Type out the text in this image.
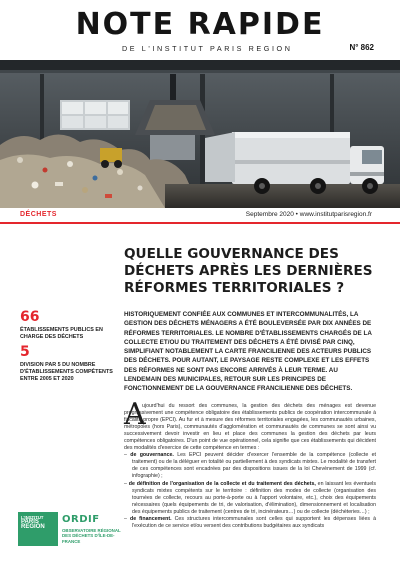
NOTE RAPIDE
DE L'INSTITUT PARIS REGION	N° 862
DÉCHETS	Septembre 2020 • www.institutparisregion.fr
QUELLE GOUVERNANCE DES DÉCHETS APRÈS LES DERNIÈRES RÉFORMES TERRITORIALES ?

HISTORIQUEMENT CONFIÉE AUX COMMUNES ET INTERCOMMUNALITÉS, LA GESTION DES DÉCHETS MÉNAGERS A ÉTÉ BOULEVERSÉE PAR DIX ANNÉES DE RÉFORMES TERRITORIALES. LE NOMBRE D'ÉTABLISSEMENTS CHARGÉS DE LA COLLECTE ET/OU DU TRAITEMENT DES DÉCHETS A ÉTÉ DIVISÉ PAR CINQ, SIMPLIFIANT NOTABLEMENT LA CARTE FRANCILIENNE DES ACTEURS PUBLICS DES DÉCHETS. POUR AUTANT, LE PAYSAGE RESTE COMPLEXE ET LES EFFETS DES RÉFORMES NE SONT PAS ENCORE ARRIVÉS À LEUR TERME. AU LENDEMAIN DES MUNICIPALES, RETOUR SUR LES PRINCIPES DE FONCTIONNEMENT DE LA GOUVERNANCE FRANCILIENNE DES DÉCHETS.

66
ÉTABLISSEMENTS PUBLICS EN CHARGE DES DÉCHETS
5
DIVISION PAR 5 DU NOMBRE D'ÉTABLISSEMENTS COMPÉTENTS ENTRE 2005 ET 2020
A

ujourd'hui du ressort des communes, la gestion des déchets des ménages est devenue progressivement une compétence obligatoire des établissements publics de coopération intercommunale à fiscalité propre (EPCI). Au fur et à mesure des réformes territoriales engagées, les communautés urbaines, métropoles (hors Paris), communautés d'agglomération et communautés de communes se sont ainsi vu successivement devoir investir en lieu et place des communes la gestion des déchets par leurs compétences obligatoires. D'un point de vue opérationnel, cela signifie que ces établissements qui décident des modalités d'exercice de cette compétence en termes :

– de gouvernance. Les EPCI peuvent décider d'exercer l'ensemble de la compétence (collecte et traitement) ou de la déléguer en totalité ou partiellement à des syndicats mixtes. Le modalité de transfert de ces compétences sont encadrées par des dispositions issues de la loi Chevènement de 1999 (cf. infographie) ;

– de définition de l'organisation de la collecte et du traitement des déchets, en laissant les éventuels syndicats mixtes compétents sur le territoire : définition des modes de collecte (organisation des tournées de collecte, recours au porte-à-porte ou à l'apport volontaire, etc.), choix des équipements nécessaires (quels équipements de tri, de valorisation, d'élimination), dimensionnement et localisation des équipements publics de traitement (centres de tri, incinérateurs…) ou de collecte (déchèteries…) ;

– de financement. Ces structures intercommunales sont celles qui supportent les dépenses liées à l'exécution de ce service et/ou versent des contributions budgétaires aux syndicats

L'INSTITUT
PARIS
REGION
ORDIF
OBSERVATOIRE RÉGIONAL DES DÉCHETS D'ÎLE-DE-FRANCE
